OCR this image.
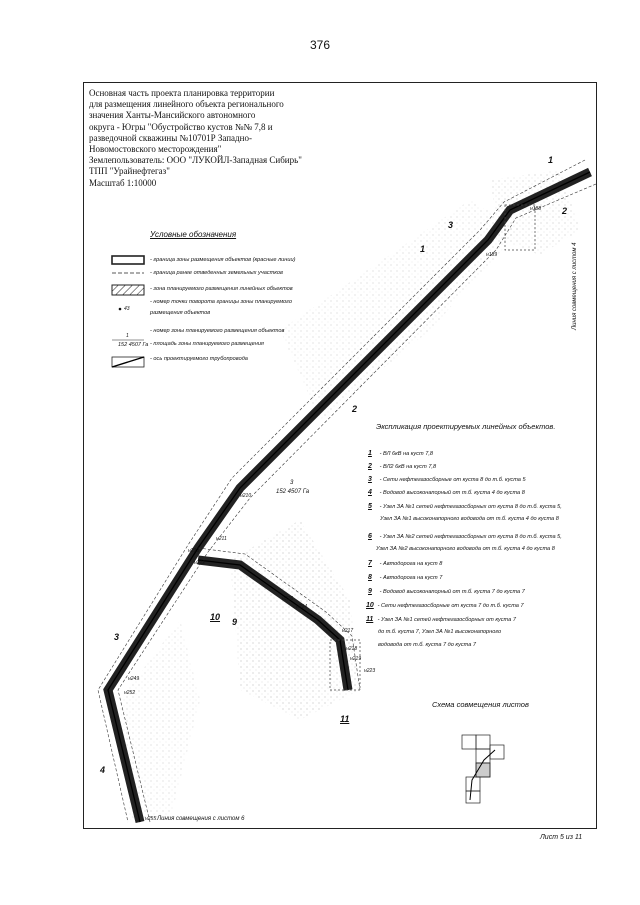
376
Основная часть проекта планировка территории
для размещения линейного объекта регионального
значения Ханты-Мансийского автономного
округа - Югры "Обустройство кустов №№ 7,8 и
разведочной скважины №10701Р Западно-
Новомостовского месторождения"
Землепользователь: ООО "ЛУКОЙЛ-Западная Сибирь"
ТПП "Урайнефтегаз"
Масштаб 1:10000
Условные обозначения
- граница зоны размещения объектов (красные линии)
- граница ранее отведенных земельных участков
- зона планируемого размещения линейных объектов
- номер точки поворота границы зоны планируемого
размещения объектов
- номер зоны планируемого размещения объектов
- площадь зоны планируемого размещения
- ось проектируемого трубопровода
43
1
152 4507 Га
Экспликация проектируемых линейных объектов.
1 - ВЛ 6кВ на куст 7,8
2 - ВЛ2 6кВ на куст 7,8
3 - Сети нефтегазосборные от куста 8 до т.б. куста 5
4 - Водовод высоконапорный от т.б. куста 4 до куста 8
5 - Узел ЗА №1 сетей нефтегазосборных от куста 8 до т.б. куста 5,
Узел ЗА №1 высоконапорного водовода от т.б. куста 4 до куста 8
6 - Узел ЗА №2 сетей нефтегазосборных от куста 8 до т.б. куста 5,
Узел ЗА №2 высоконапорного водовода от т.б. куста 4 до куста 8
7 - Автодорога на куст 8
8 - Автодорога на куст 7
9 - Водовод высоконапорный от т.б. куста 7 до куста 7
10 - Сети нефтегазосборные от куста 7 до т.б. куста 7
11 - Узел ЗА №1 сетей нефтегазосборных от куста 7
до т.б. куста 7, Узел ЗА №1 высоконапорного
водовода от т.б. куста 7 до куста 7
Схема совмещения листов
Лист 5 из 11
Линия совмещения с листом 6
Линия совмещения с листом 4
1
2
3
1
2
3
4
10 9
11
3
152 4507 Га
н188
н189
н210
н211
н212
н213
н214
н217
н219
н223
н249
н252
н255
н216
н218
